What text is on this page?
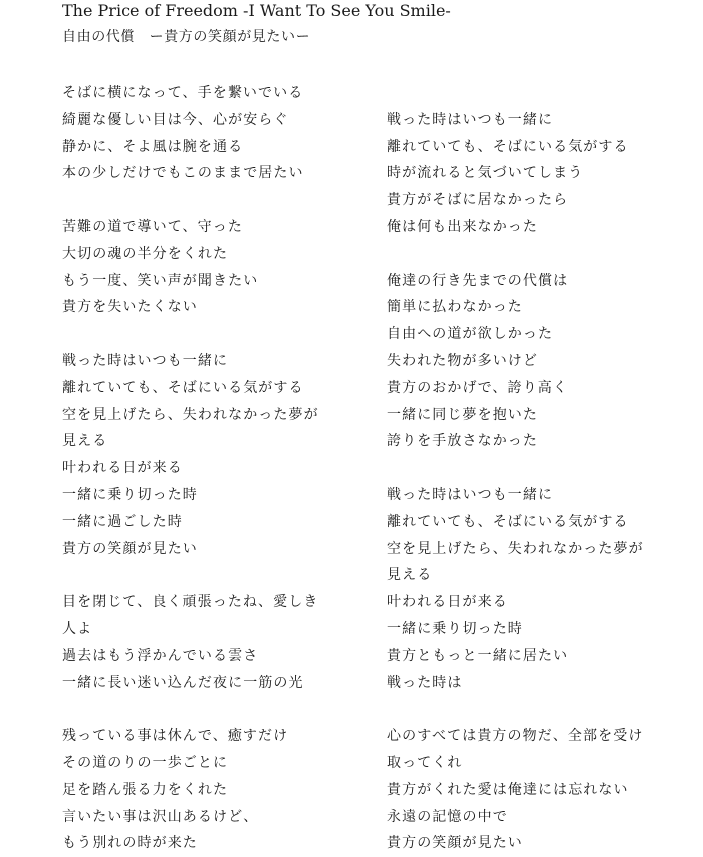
The Price of Freedom -I Want To See You Smile-
自由の代償　ー貴方の笑顔が見たいー
そばに横になって、手を繋いでいる
綺麗な優しい目は今、心が安らぐ
静かに、そよ風は腕を通る
本の少しだけでもこのままで居たい
苦難の道で導いて、守った
大切の魂の半分をくれた
もう一度、笑い声が聞きたい
貴方を失いたくない
戦った時はいつも一緒に
離れていても、そばにいる気がする
空を見上げたら、失われなかった夢が
見える
叶われる日が来る
一緒に乗り切った時
一緒に過ごした時
貴方の笑顔が見たい
目を閉じて、良く頑張ったね、愛しき
人よ
過去はもう浮かんでいる雲さ
一緒に長い迷い込んだ夜に一筋の光
残っている事は休んで、癒すだけ
その道のりの一歩ごとに
足を踏ん張る力をくれた
言いたい事は沢山あるけど、
もう別れの時が来た
戦った時はいつも一緒に
離れていても、そばにいる気がする
時が流れると気づいてしまう
貴方がそばに居なかったら
俺は何も出来なかった
俺達の行き先までの代償は
簡単に払わなかった
自由への道が欲しかった
失われた物が多いけど
貴方のおかげで、誇り高く
一緒に同じ夢を抱いた
誇りを手放さなかった
戦った時はいつも一緒に
離れていても、そばにいる気がする
空を見上げたら、失われなかった夢が
見える
叶われる日が来る
一緒に乗り切った時
貴方ともっと一緒に居たい
戦った時は
心のすべては貴方の物だ、全部を受け
取ってくれ
貴方がくれた愛は俺達には忘れない
永遠の記憶の中で
貴方の笑顔が見たい
